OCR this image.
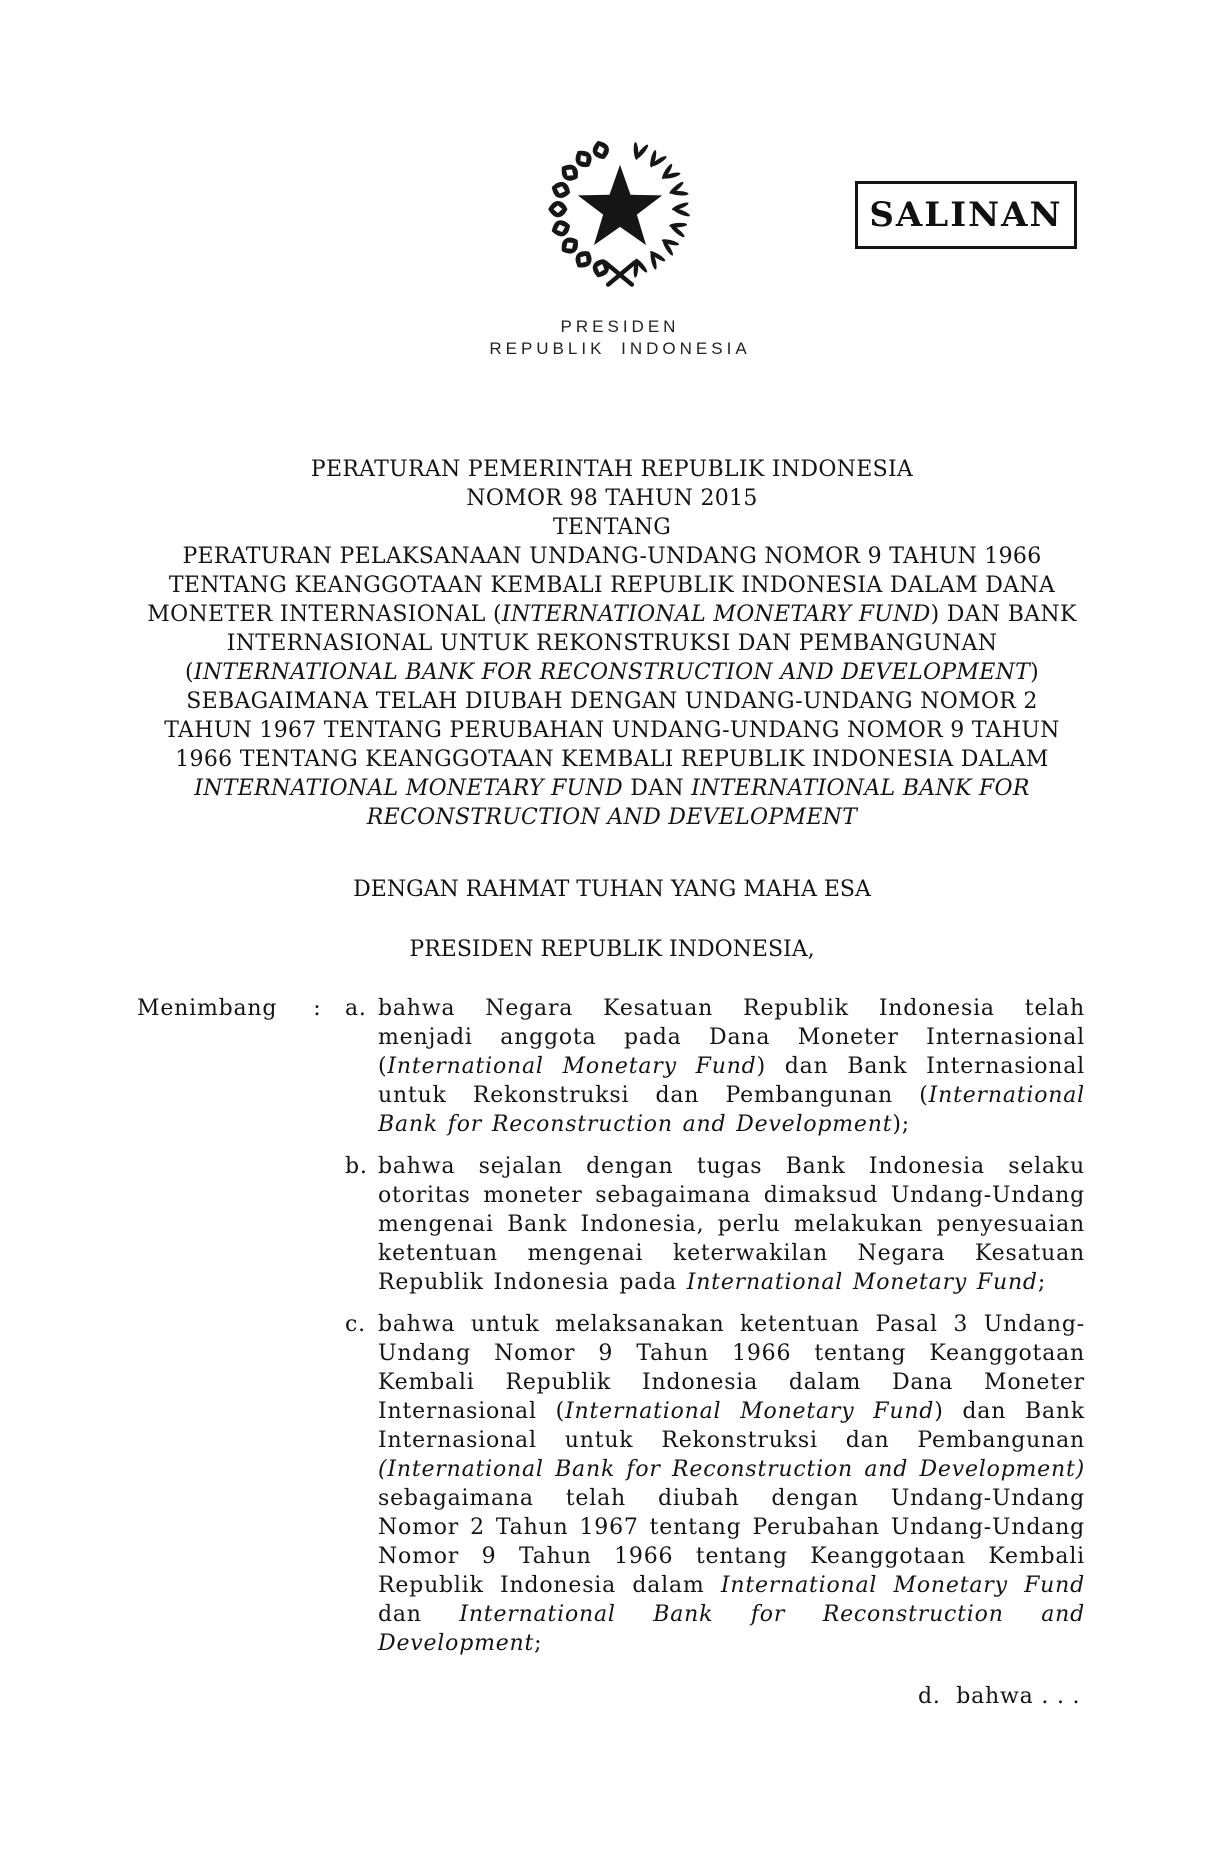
SALINAN
PRESIDEN
REPUBLIK INDONESIA
PERATURAN PEMERINTAH REPUBLIK INDONESIA
NOMOR 98 TAHUN 2015
TENTANG
PERATURAN PELAKSANAAN UNDANG-UNDANG NOMOR 9 TAHUN 1966
TENTANG KEANGGOTAAN KEMBALI REPUBLIK INDONESIA DALAM DANA
MONETER INTERNASIONAL (INTERNATIONAL MONETARY FUND) DAN BANK
INTERNASIONAL UNTUK REKONSTRUKSI DAN PEMBANGUNAN
(INTERNATIONAL BANK FOR RECONSTRUCTION AND DEVELOPMENT)
SEBAGAIMANA TELAH DIUBAH DENGAN UNDANG-UNDANG NOMOR 2
TAHUN 1967 TENTANG PERUBAHAN UNDANG-UNDANG NOMOR 9 TAHUN
1966 TENTANG KEANGGOTAAN KEMBALI REPUBLIK INDONESIA DALAM
INTERNATIONAL MONETARY FUND DAN INTERNATIONAL BANK FOR
RECONSTRUCTION AND DEVELOPMENT
DENGAN RAHMAT TUHAN YANG MAHA ESA
PRESIDEN REPUBLIK INDONESIA,
Menimbang : a. bahwa Negara Kesatuan Republik Indonesia telah menjadi anggota pada Dana Moneter Internasional (International Monetary Fund) dan Bank Internasional untuk Rekonstruksi dan Pembangunan (International Bank for Reconstruction and Development);
b. bahwa sejalan dengan tugas Bank Indonesia selaku otoritas moneter sebagaimana dimaksud Undang-Undang mengenai Bank Indonesia, perlu melakukan penyesuaian ketentuan mengenai keterwakilan Negara Kesatuan Republik Indonesia pada International Monetary Fund;
c. bahwa untuk melaksanakan ketentuan Pasal 3 Undang-Undang Nomor 9 Tahun 1966 tentang Keanggotaan Kembali Republik Indonesia dalam Dana Moneter Internasional (International Monetary Fund) dan Bank Internasional untuk Rekonstruksi dan Pembangunan (International Bank for Reconstruction and Development) sebagaimana telah diubah dengan Undang-Undang Nomor 2 Tahun 1967 tentang Perubahan Undang-Undang Nomor 9 Tahun 1966 tentang Keanggotaan Kembali Republik Indonesia dalam International Monetary Fund dan International Bank for Reconstruction and Development;
d.  bahwa . . .
